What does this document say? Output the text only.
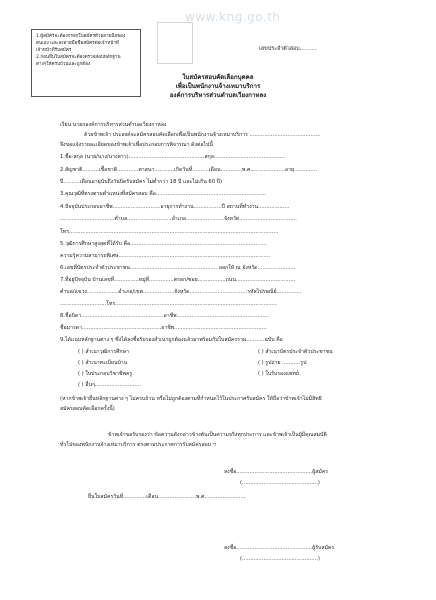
www.kng.go.th
1.ผู้สมัครจะต้องกรอกใบสมัครด้วยลายมือของ
ตนเอง และลงลายมือชื่อสมัครต่อเจ้าหน้าที่
เจ้าหน้าที่รับสมัคร
2.ก่อนยื่นใบสมัครจะต้องตรวจสอบหลักฐาน
ต่างๆให้ครบถ้วนและถูกต้อง
เลขประจำตัวสอบ..........
ใบสมัครสอบคัดเลือกบุคคล
เพื่อเป็นพนักงานจ้างเหมาบริการ
องค์การบริหารส่วนตำบลเวียงกาหลง
เรียน นายกองค์การบริหารส่วนตำบลเวียงกาหลง
ด้วยข้าพเจ้า ประสงค์จะสมัครสอบคัดเลือกเพื่อเป็นพนักงานจ้างเหมาบริการ ...........................................
จึงขอแจ้งรายละเอียดของข้าพเจ้าเพื่อประกอบการพิจารณา ดังต่อไปนี้
1.ชื่อ-สกุล (นาย/นาง/นางสาว)..............................................สกุล...........................................
2.สัญชาติ..........เชื้อชาติ.............ศาสนา............เกิดวันที่..........เดือน.............พ.ศ.....................อายุ..............
ปี..........เดือนอายุนับถึงวันปิดรับสมัคร ไม่ต่ำกว่า 18 ปี และไม่เกิน 60 ปี)
3.คุณวุฒิที่ตรงตามตำแหน่งที่สมัครสอบ คือ...................................................................
4.ปัจจุบันประกอบอาชีพ.............................อายุการทำงาน.................ปี สถานที่ทำงาน...................
.................................ตำบล...........................อำเภอ.......................จังหวัด...................................
โทร...............................................................................................................................
5.วุฒิการศึกษาสูงสุดที่ได้รับ คือ...................................................................................
ความรู้ความสามารถพิเศษ............................................................................................
6.เลขที่บัตรประจำตัวประชาชน..................................................... ออกให้ ณ จังหวัด.......................
7.ที่อยู่ปัจจุบัน บ้านเลขที่...............หมู่ที่...............ตรอก/ซอย.................ถนน....................................
ตำบล/แขวง...................อำเภอ/เขต...................จังหวัด...................................รหัสไปรษณีย์...............
............................โทร..................................................................................................
8.ชื่อบิดา..................................................อาชีพ........................................................
ชื่อมารดา................................................อาชีพ........................................................
9.ได้แนบหลักฐานต่าง ๆ ซึ่งได้ลงชื่อรับรองสำเนาถูกต้องแล้วมาพร้อมกับใบสมัครรวม...........ฉบับ คือ
( ) สำเนาวุฒิการศึกษา	( ) สำเนาบัตรประจำตัวประชาชน
( ) สำเนาทะเบียนบ้าน	( ) รูปถ่าย ...........รูป
( ) ใบประกอบวิชาชีพครู	( ) ใบรับรองแพทย์
( ) อื่นๆ............................
(หากข้าพเจ้ายื่นหลักฐานต่าง ๆ ไม่ครบถ้วน หรือไม่ถูกต้องตามที่กำหนดไว้ในประกาศรับสมัคร ให้ถือว่าข้าพเจ้าไม่มีสิทธิ
สมัครสอบคัดเลือกครั้งนี้)
ข้าพเจ้าขอรับรองว่า ข้อความดังกล่าวข้างต้นเป็นความจริงทุกประการ และข้าพเจ้าเป็นผู้มีคุณสมบัติ
ทั่วไปของพนักงานจ้างเหมาบริการ ตรงตามประกาศการรับสมัครสอบ ฯ
ลงชื่อ..............................................ผู้สมัคร
(..............................................)
ยื่นใบสมัครวันที่..............เดือน.......................พ.ศ.........................
ลงชื่อ..............................................ผู้รับสมัคร
(..............................................)
